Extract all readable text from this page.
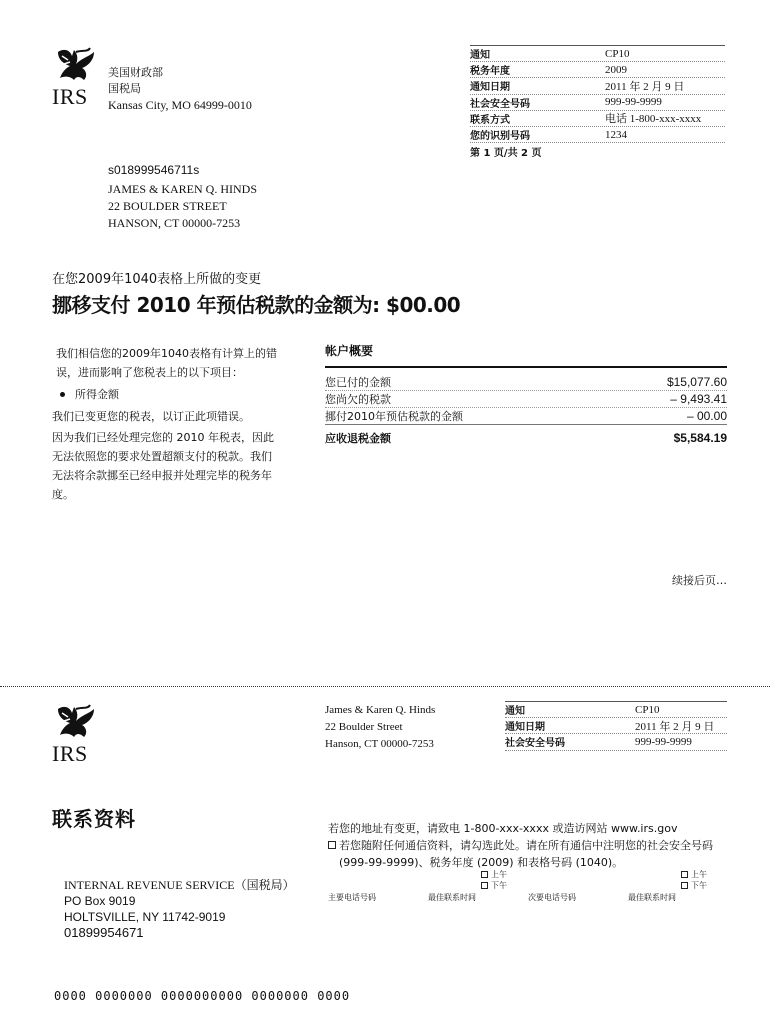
IRS
美国财政部
国税局
Kansas City, MO 64999-0010
通知	CP10
税务年度	2009
通知日期	2011 年 2 月 9 日
社会安全号码	999-99-9999
联系方式	电话 1-800-xxx-xxxx
您的识别号码	1234
第 1 页/共 2 页
s018999546711s
JAMES & KAREN Q. HINDS
22 BOULDER STREET
HANSON, CT 00000-7253
在您2009年1040表格上所做的变更
挪移支付 2010 年预估税款的金额为: $00.00

我们相信您的2009年1040表格有计算上的错误，进而影响了您税表上的以下项目：

所得金额

我们已变更您的税表，以订正此项错误。

因为我们已经处理完您的 2010 年税表，因此无法依照您的要求处置超额支付的税款。我们无法将余款挪至已经申报并处理完毕的税务年度。

帐户概要
您已付的金额	$15,077.60
您尚欠的税款	– 9,493.41
挪付2010年预估税款的金额	– 00.00
应收退税金额	$5,584.19
续接后页…
IRS
James & Karen Q. Hinds
22 Boulder Street
Hanson, CT 00000-7253
通知	CP10
通知日期	2011 年 2 月 9 日
社会安全号码	999-99-9999
联系资料	若您的地址有变更，请致电 1-800-xxx-xxxx 或造访网站 www.irs.gov
若您随附任何通信资料，请勾选此处。请在所有通信中注明您的社会安全号码 (999-99-9999)、税务年度 (2009) 和表格号码 (1040)。
上午
下午
上午
下午
主要电话号码	最佳联系时间	次要电话号码	最佳联系时间
INTERNAL REVENUE SERVICE（国税局）
PO Box 9019
HOLTSVILLE, NY 11742-9019
01899954671
0000 0000000 0000000000 0000000 0000
